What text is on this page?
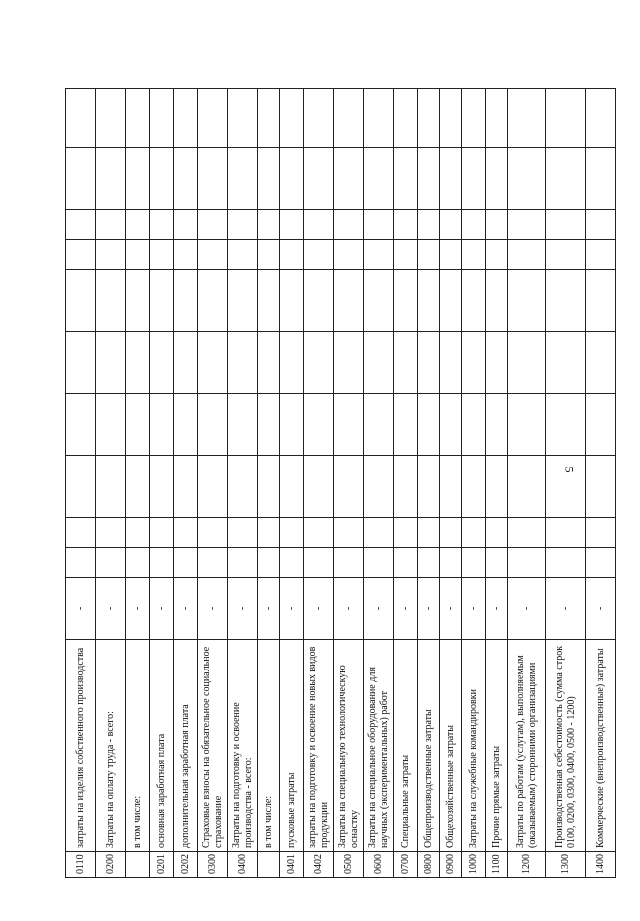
5
0110	затраты на изделия собственного производства	-										
0200	Затраты на оплату труда - всего:	-										
	в том числе:	-										
0201	основная заработная плата	-										
0202	дополнительная заработная плата	-										
0300	Страховые взносы на обязательное социальное страхование	-										
0400	Затраты на подготовку и освоение производства - всего:	-										
	в том числе:	-										
0401	пусковые затраты	-										
0402	затраты на подготовку и освоение новых видов продукции	-										
0500	Затраты на специальную технологическую оснастку	-										
0600	Затраты на специальное оборудование для научных (экспериментальных) работ	-										
0700	Специальные затраты	-										
0800	Общепроизводственные затраты	-										
0900	Общехозяйственные затраты	-										
1000	Затраты на служебные командировки	-										
1100	Прочие прямые затраты	-										
1200	Затраты по работам (услугам), выполняемым (оказываемым) сторонними организациями	-										
1300	Производственная себестоимость (сумма строк 0100, 0200, 0300, 0400, 0500 - 1200)	-										
1400	Коммерческие (внепроизводственные) затраты	-										
